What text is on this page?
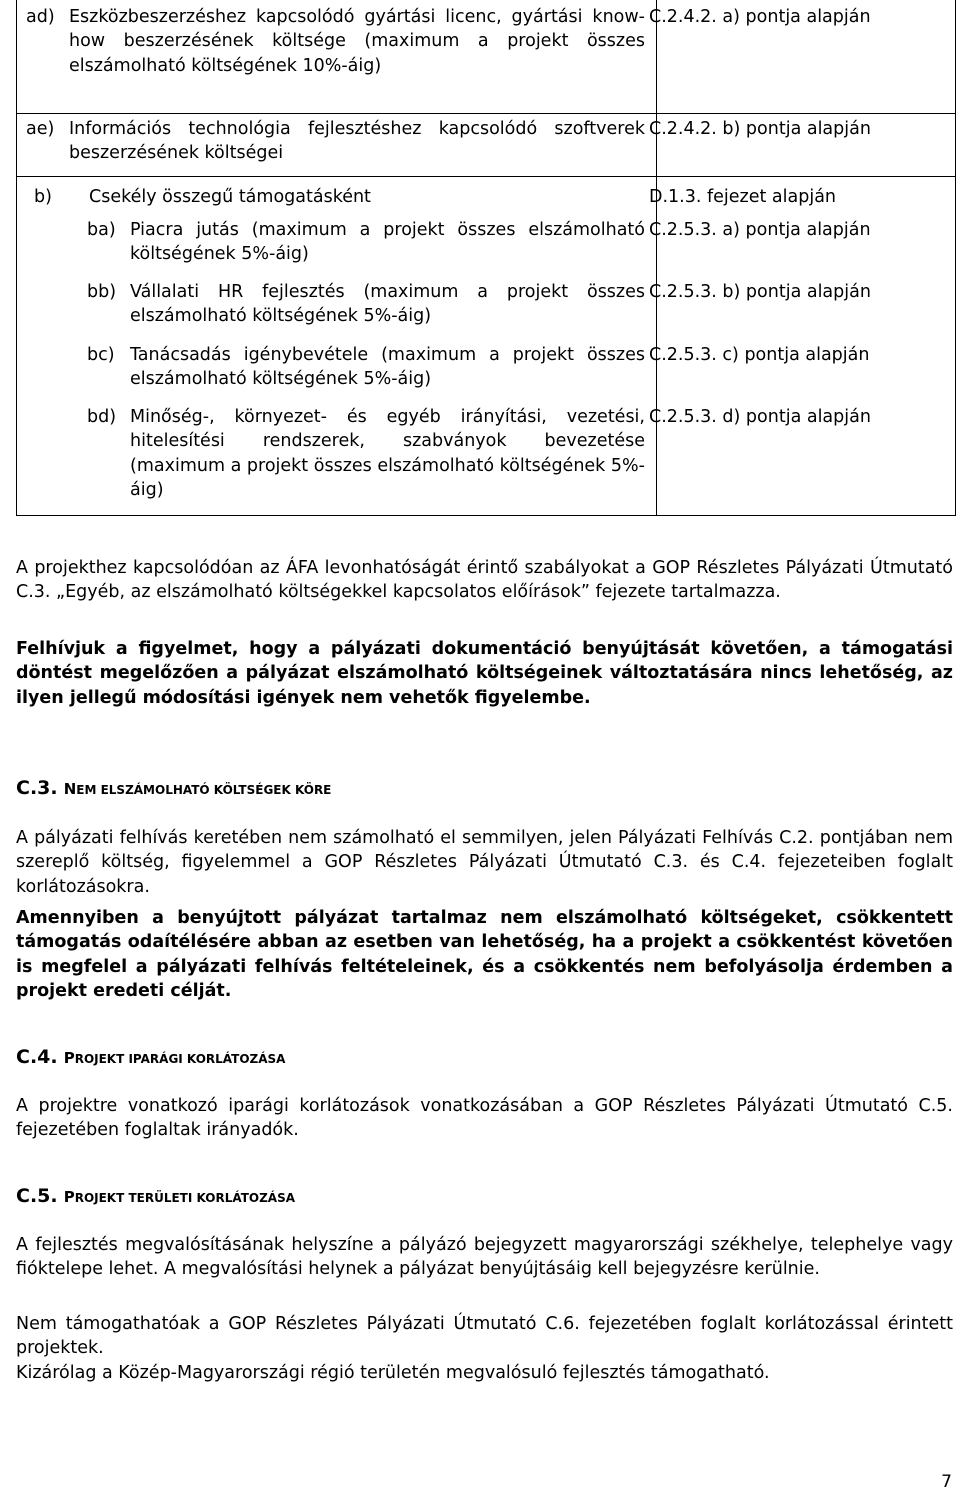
ad) Eszközbeszerzéshez kapcsolódó gyártási licenc, gyártási know-how beszerzésének költsége (maximum a projekt összes elszámolható költségének 10%-áig)
C.2.4.2. a) pontja alapján
ae) Információs technológia fejlesztéshez kapcsolódó szoftverek beszerzésének költségei
C.2.4.2. b) pontja alapján
b) Csekély összegű támogatásként	D.1.3. fejezet alapján
ba) Piacra jutás (maximum a projekt összes elszámolható költségének 5%-áig)
C.2.5.3. a) pontja alapján
bb) Vállalati HR fejlesztés (maximum a projekt összes elszámolható költségének 5%-áig)
C.2.5.3. b) pontja alapján
bc) Tanácsadás igénybevétele (maximum a projekt összes elszámolható költségének 5%-áig)
C.2.5.3. c) pontja alapján
bd) Minőség-, környezet- és egyéb irányítási, vezetési, hitelesítési rendszerek, szabványok bevezetése (maximum a projekt összes elszámolható költségének 5%-áig)
C.2.5.3. d) pontja alapján

A projekthez kapcsolódóan az ÁFA levonhatóságát érintő szabályokat a GOP Részletes Pályázati Útmutató C.3. „Egyéb, az elszámolható költségekkel kapcsolatos előírások” fejezete tartalmazza.

Felhívjuk a figyelmet, hogy a pályázati dokumentáció benyújtását követően, a támogatási döntést megelőzően a pályázat elszámolható költségeinek változtatására nincs lehetőség, az ilyen jellegű módosítási igények nem vehetők figyelembe.

C.3. NEM ELSZÁMOLHATÓ KÖLTSÉGEK KÖRE

A pályázati felhívás keretében nem számolható el semmilyen, jelen Pályázati Felhívás C.2. pontjában nem szereplő költség, figyelemmel a GOP Részletes Pályázati Útmutató C.3. és C.4. fejezeteiben foglalt korlátozásokra.

Amennyiben a benyújtott pályázat tartalmaz nem elszámolható költségeket, csökkentett támogatás odaítélésére abban az esetben van lehetőség, ha a projekt a csökkentést követően is megfelel a pályázati felhívás feltételeinek, és a csökkentés nem befolyásolja érdemben a projekt eredeti célját.

C.4. PROJEKT IPARÁGI KORLÁTOZÁSA

A projektre vonatkozó iparági korlátozások vonatkozásában a GOP Részletes Pályázati Útmutató C.5. fejezetében foglaltak irányadók.

C.5. PROJEKT TERÜLETI KORLÁTOZÁSA

A fejlesztés megvalósításának helyszíne a pályázó bejegyzett magyarországi székhelye, telephelye vagy fióktelepe lehet. A megvalósítási helynek a pályázat benyújtásáig kell bejegyzésre kerülnie.

Nem támogathatóak a GOP Részletes Pályázati Útmutató C.6. fejezetében foglalt korlátozással érintett projektek.

Kizárólag a Közép-Magyarországi régió területén megvalósuló fejlesztés támogatható.

7
